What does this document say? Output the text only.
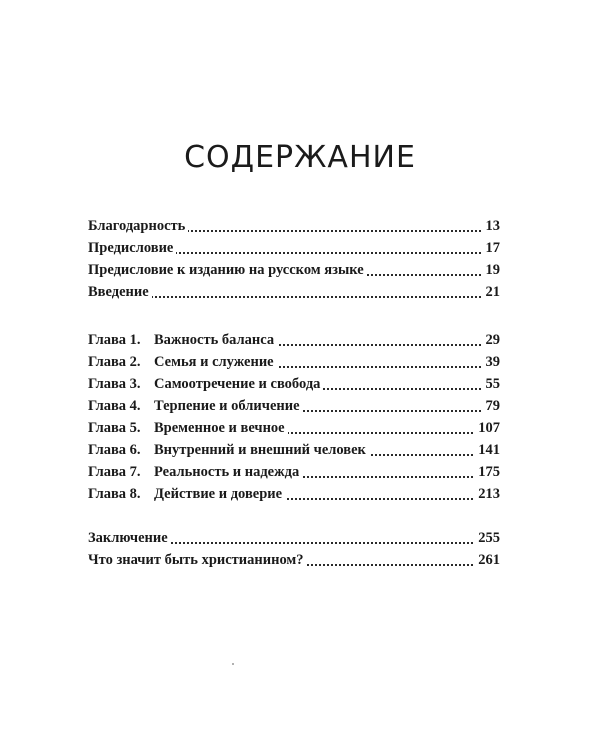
СОДЕРЖАНИЕ
Благодарность	13
Предисловие	17
Предисловие к изданию на русском языке	19
Введение	21
Глава 1. Важность баланса	29
Глава 2. Семья и служение	39
Глава 3. Самоотречение и свобода	55
Глава 4. Терпение и обличение	79
Глава 5. Временное и вечное	107
Глава 6. Внутренний и внешний человек	141
Глава 7. Реальность и надежда	175
Глава 8. Действие и доверие	213
Заключение	255
Что значит быть христианином?	261
